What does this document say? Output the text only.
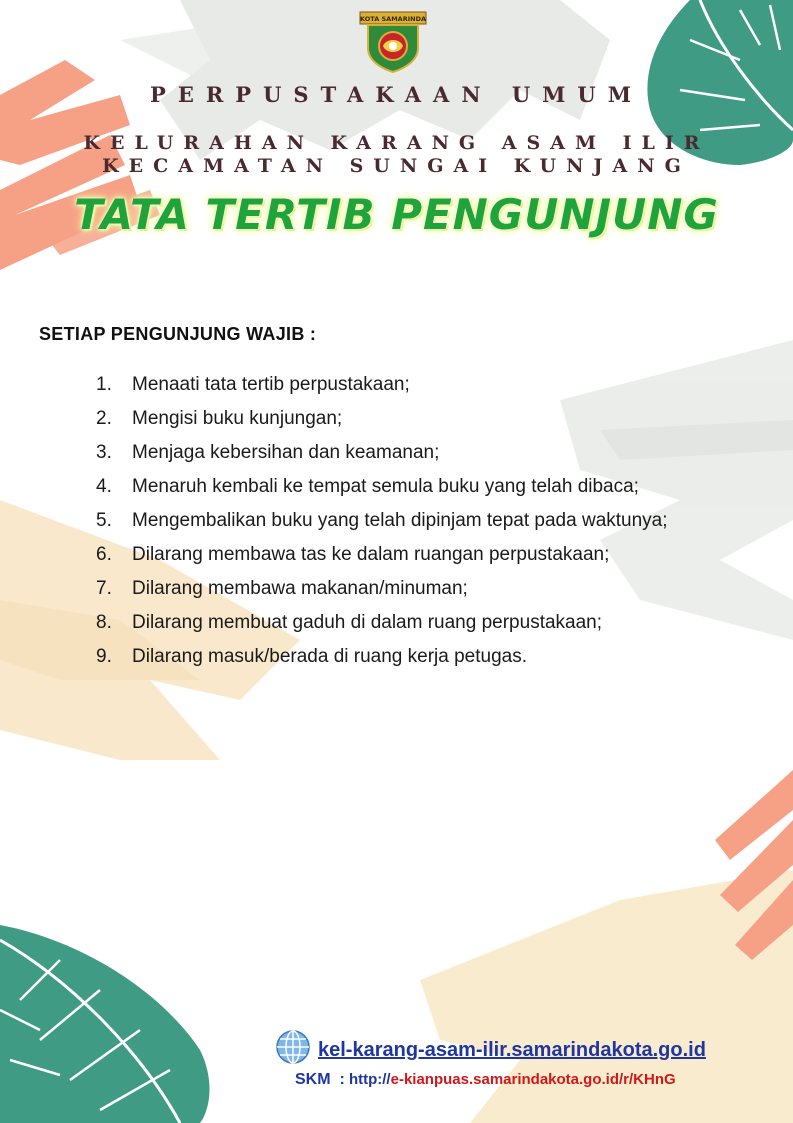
KOTA SAMARINDA
PERPUSTAKAAN UMUM
KELURAHAN KARANG ASAM ILIR
KECAMATAN SUNGAI KUNJANG
TATA TERTIB PENGUNJUNG
SETIAP PENGUNJUNG WAJIB :
1. Menaati tata tertib perpustakaan;
2. Mengisi buku kunjungan;
3. Menjaga kebersihan dan keamanan;
4. Menaruh kembali ke tempat semula buku yang telah dibaca;
5. Mengembalikan buku yang telah dipinjam tepat pada waktunya;
6. Dilarang membawa tas ke dalam ruangan perpustakaan;
7. Dilarang membawa makanan/minuman;
8. Dilarang membuat gaduh di dalam ruang perpustakaan;
9. Dilarang masuk/berada di ruang kerja petugas.
kel-karang-asam-ilir.samarindakota.go.id
SKM  : http://e-kianpuas.samarindakota.go.id/r/KHnG
